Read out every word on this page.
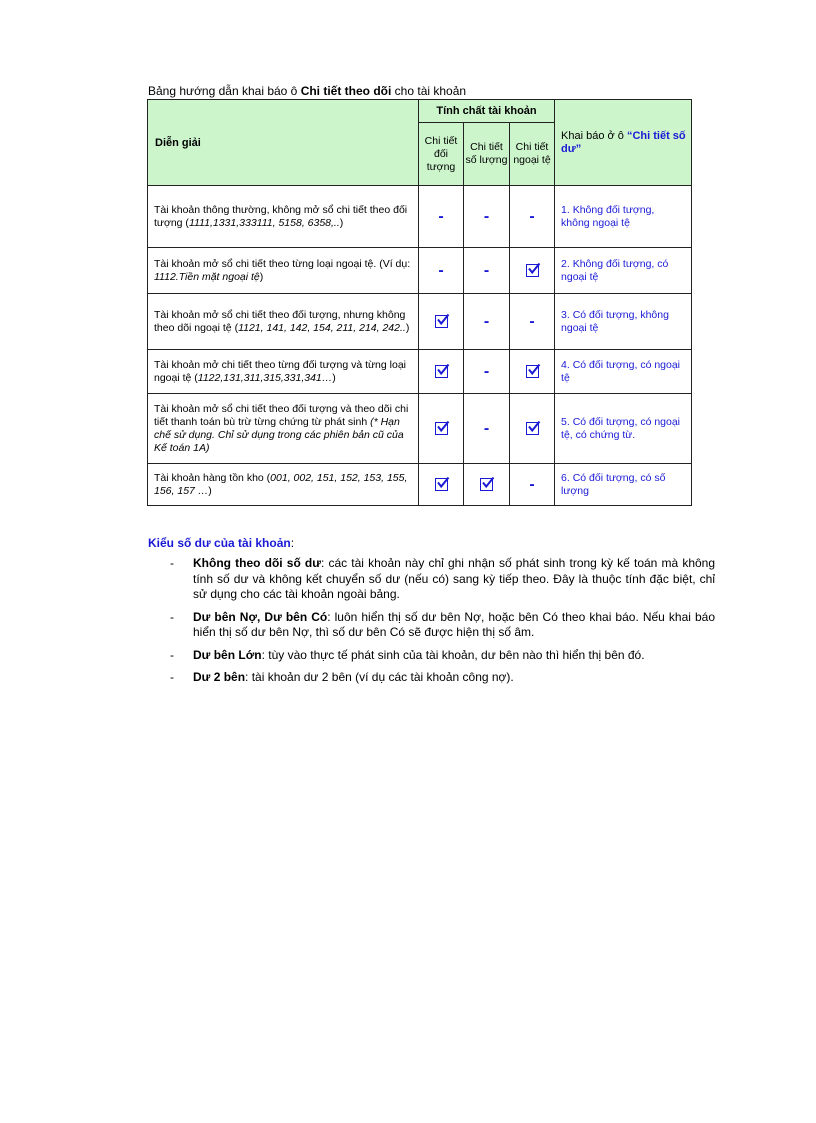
Bảng hướng dẫn khai báo ô Chi tiết theo dõi cho tài khoản
Diễn giải	Tính chất tài khoản			Khai báo ở ô “Chi tiết số dư”
	Chi tiết đối tượng	Chi tiết số lượng	Chi tiết ngoại tệ	
Tài khoản thông thường, không mở sổ chi tiết theo đối tượng (1111,1331,333111, 5158, 6358,..)	-	-	-	1. Không đối tượng, không ngoại tệ
Tài khoản mở sổ chi tiết theo từng loại ngoại tệ. (Ví dụ: 1112.Tiền mặt ngoại tệ)	-	-		2. Không đối tượng, có ngoại tệ
Tài khoản mở sổ chi tiết theo đối tượng, nhưng không theo dõi ngoại tệ (1121, 141, 142, 154, 211, 214, 242..)		-	-	3. Có đối tượng, không ngoại tệ
Tài khoản mở chi tiết theo từng đối tượng và từng loại ngoại tệ (1122,131,311,315,331,341…)		-		4. Có đối tượng, có ngoại tệ
Tài khoản mở sổ chi tiết theo đối tượng và theo dõi chi tiết thanh toán bù trừ từng chứng từ phát sinh (* Hạn chế sử dụng. Chỉ sử dụng trong các phiên bản cũ của Kế toán 1A)		-		5. Có đối tượng, có ngoại tệ, có chứng từ.
Tài khoản hàng tồn kho (001, 002, 151, 152, 153, 155, 156, 157 …)			-	6. Có đối tượng, có số lượng
Kiểu số dư của tài khoản:
- Không theo dõi số dư: các tài khoản này chỉ ghi nhận số phát sinh trong kỳ kế toán mà không tính số dư và không kết chuyển số dư (nếu có) sang kỳ tiếp theo. Đây là thuộc tính đặc biệt, chỉ sử dụng cho các tài khoản ngoài bảng.
- Dư bên Nợ, Dư bên Có: luôn hiển thị số dư bên Nợ, hoặc bên Có theo khai báo. Nếu khai báo hiển thị số dư bên Nợ, thì số dư bên Có sẽ được hiện thị số âm.
- Dư bên Lớn: tùy vào thực tế phát sinh của tài khoản, dư bên nào thì hiển thị bên đó.
- Dư 2 bên: tài khoản dư 2 bên (ví dụ các tài khoản công nợ).
